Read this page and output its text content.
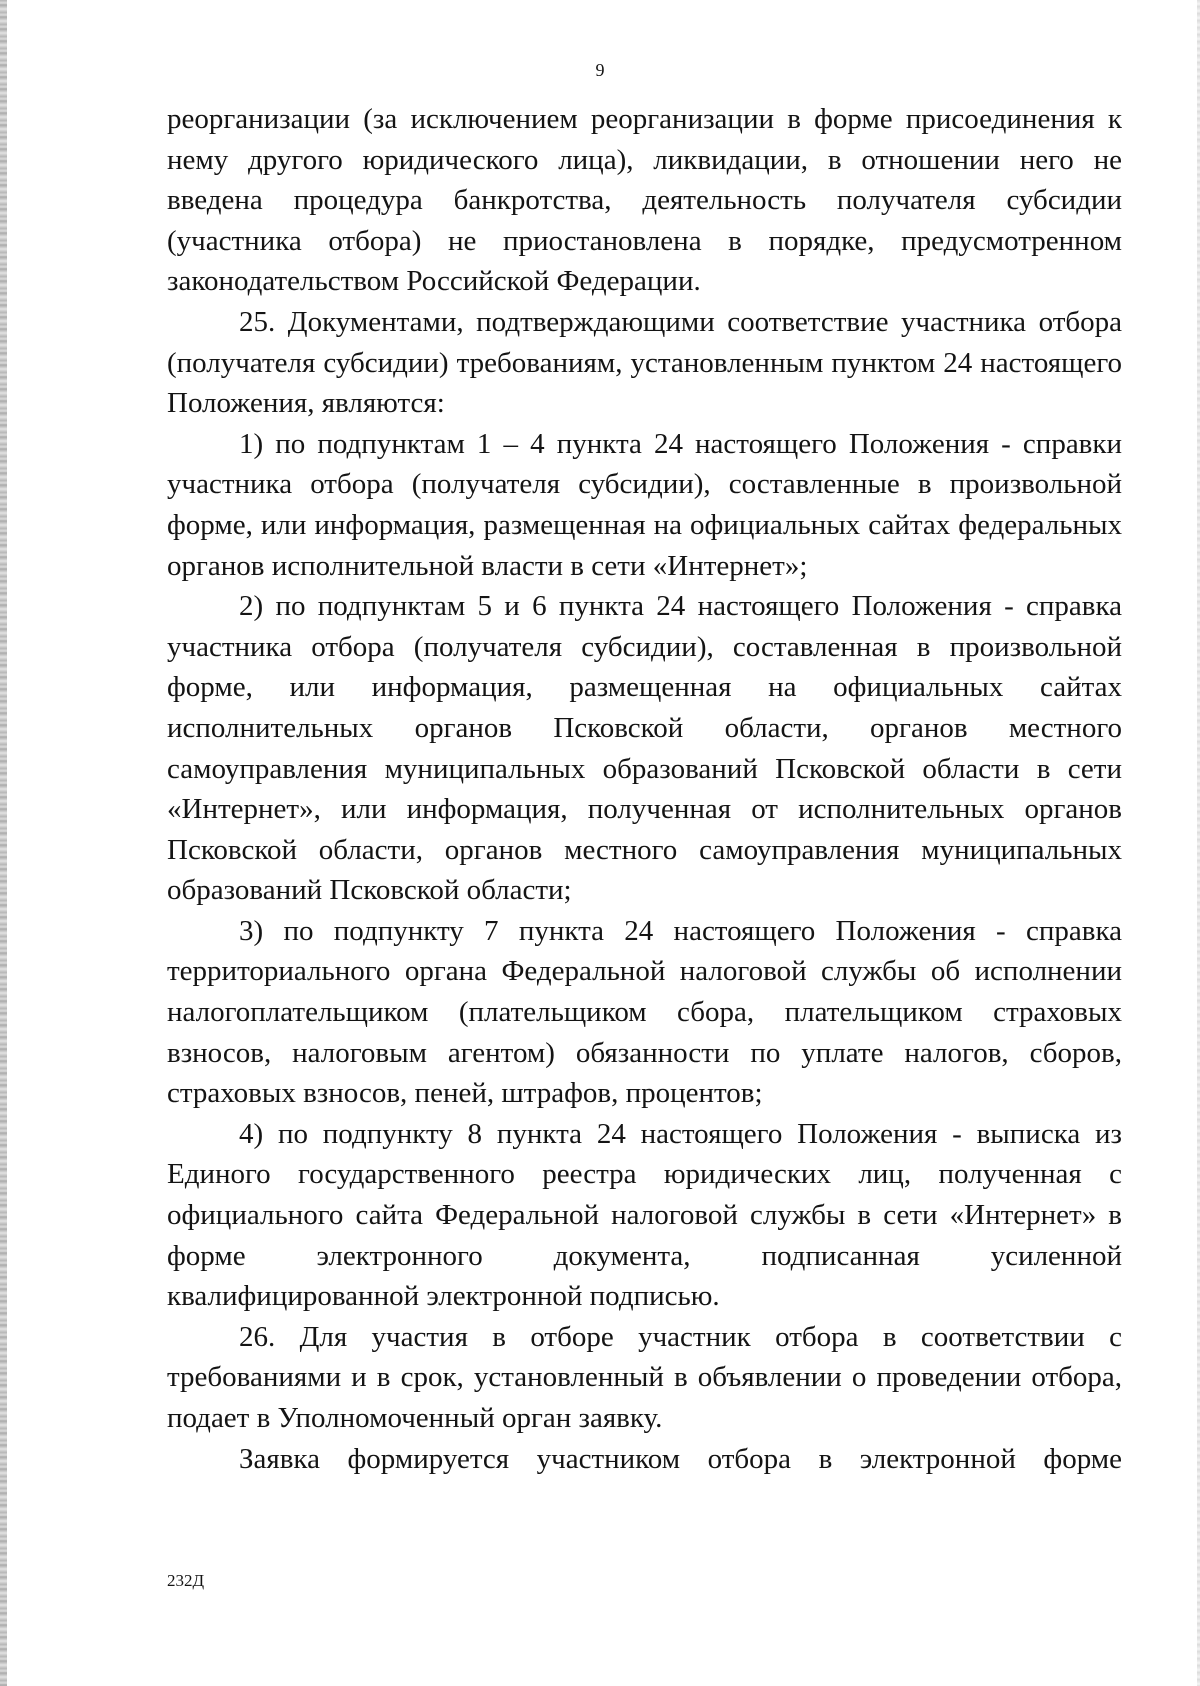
9

реорганизации (за исключением реорганизации в форме присоединения к нему другого юридического лица), ликвидации, в отношении него не введена процедура банкротства, деятельность получателя субсидии (участника отбора) не приостановлена в порядке, предусмотренном законодательством Российской Федерации.

25. Документами, подтверждающими соответствие участника отбора (получателя субсидии) требованиям, установленным пунктом 24 настоящего Положения, являются:

1) по подпунктам 1 – 4 пункта 24 настоящего Положения - справки участника отбора (получателя субсидии), составленные в произвольной форме, или информация, размещенная на официальных сайтах федеральных органов исполнительной власти в сети «Интернет»;

2) по подпунктам 5 и 6 пункта 24 настоящего Положения - справка участника отбора (получателя субсидии), составленная в произвольной форме, или информация, размещенная на официальных сайтах исполнительных органов Псковской области, органов местного самоуправления муниципальных образований Псковской области в сети «Интернет», или информация, полученная от исполнительных органов Псковской области, органов местного самоуправления муниципальных образований Псковской области;

3) по подпункту 7 пункта 24 настоящего Положения - справка территориального органа Федеральной налоговой службы об исполнении налогоплательщиком (плательщиком сбора, плательщиком страховых взносов, налоговым агентом) обязанности по уплате налогов, сборов, страховых взносов, пеней, штрафов, процентов;

4) по подпункту 8 пункта 24 настоящего Положения - выписка из Единого государственного реестра юридических лиц, полученная с официального сайта Федеральной налоговой службы в сети «Интернет» в форме электронного документа, подписанная усиленной квалифицированной электронной подписью.

26. Для участия в отборе участник отбора в соответствии с требованиями и в срок, установленный в объявлении о проведении отбора, подает в Уполномоченный орган заявку.

Заявка формируется участником отбора в электронной форме

232Д
